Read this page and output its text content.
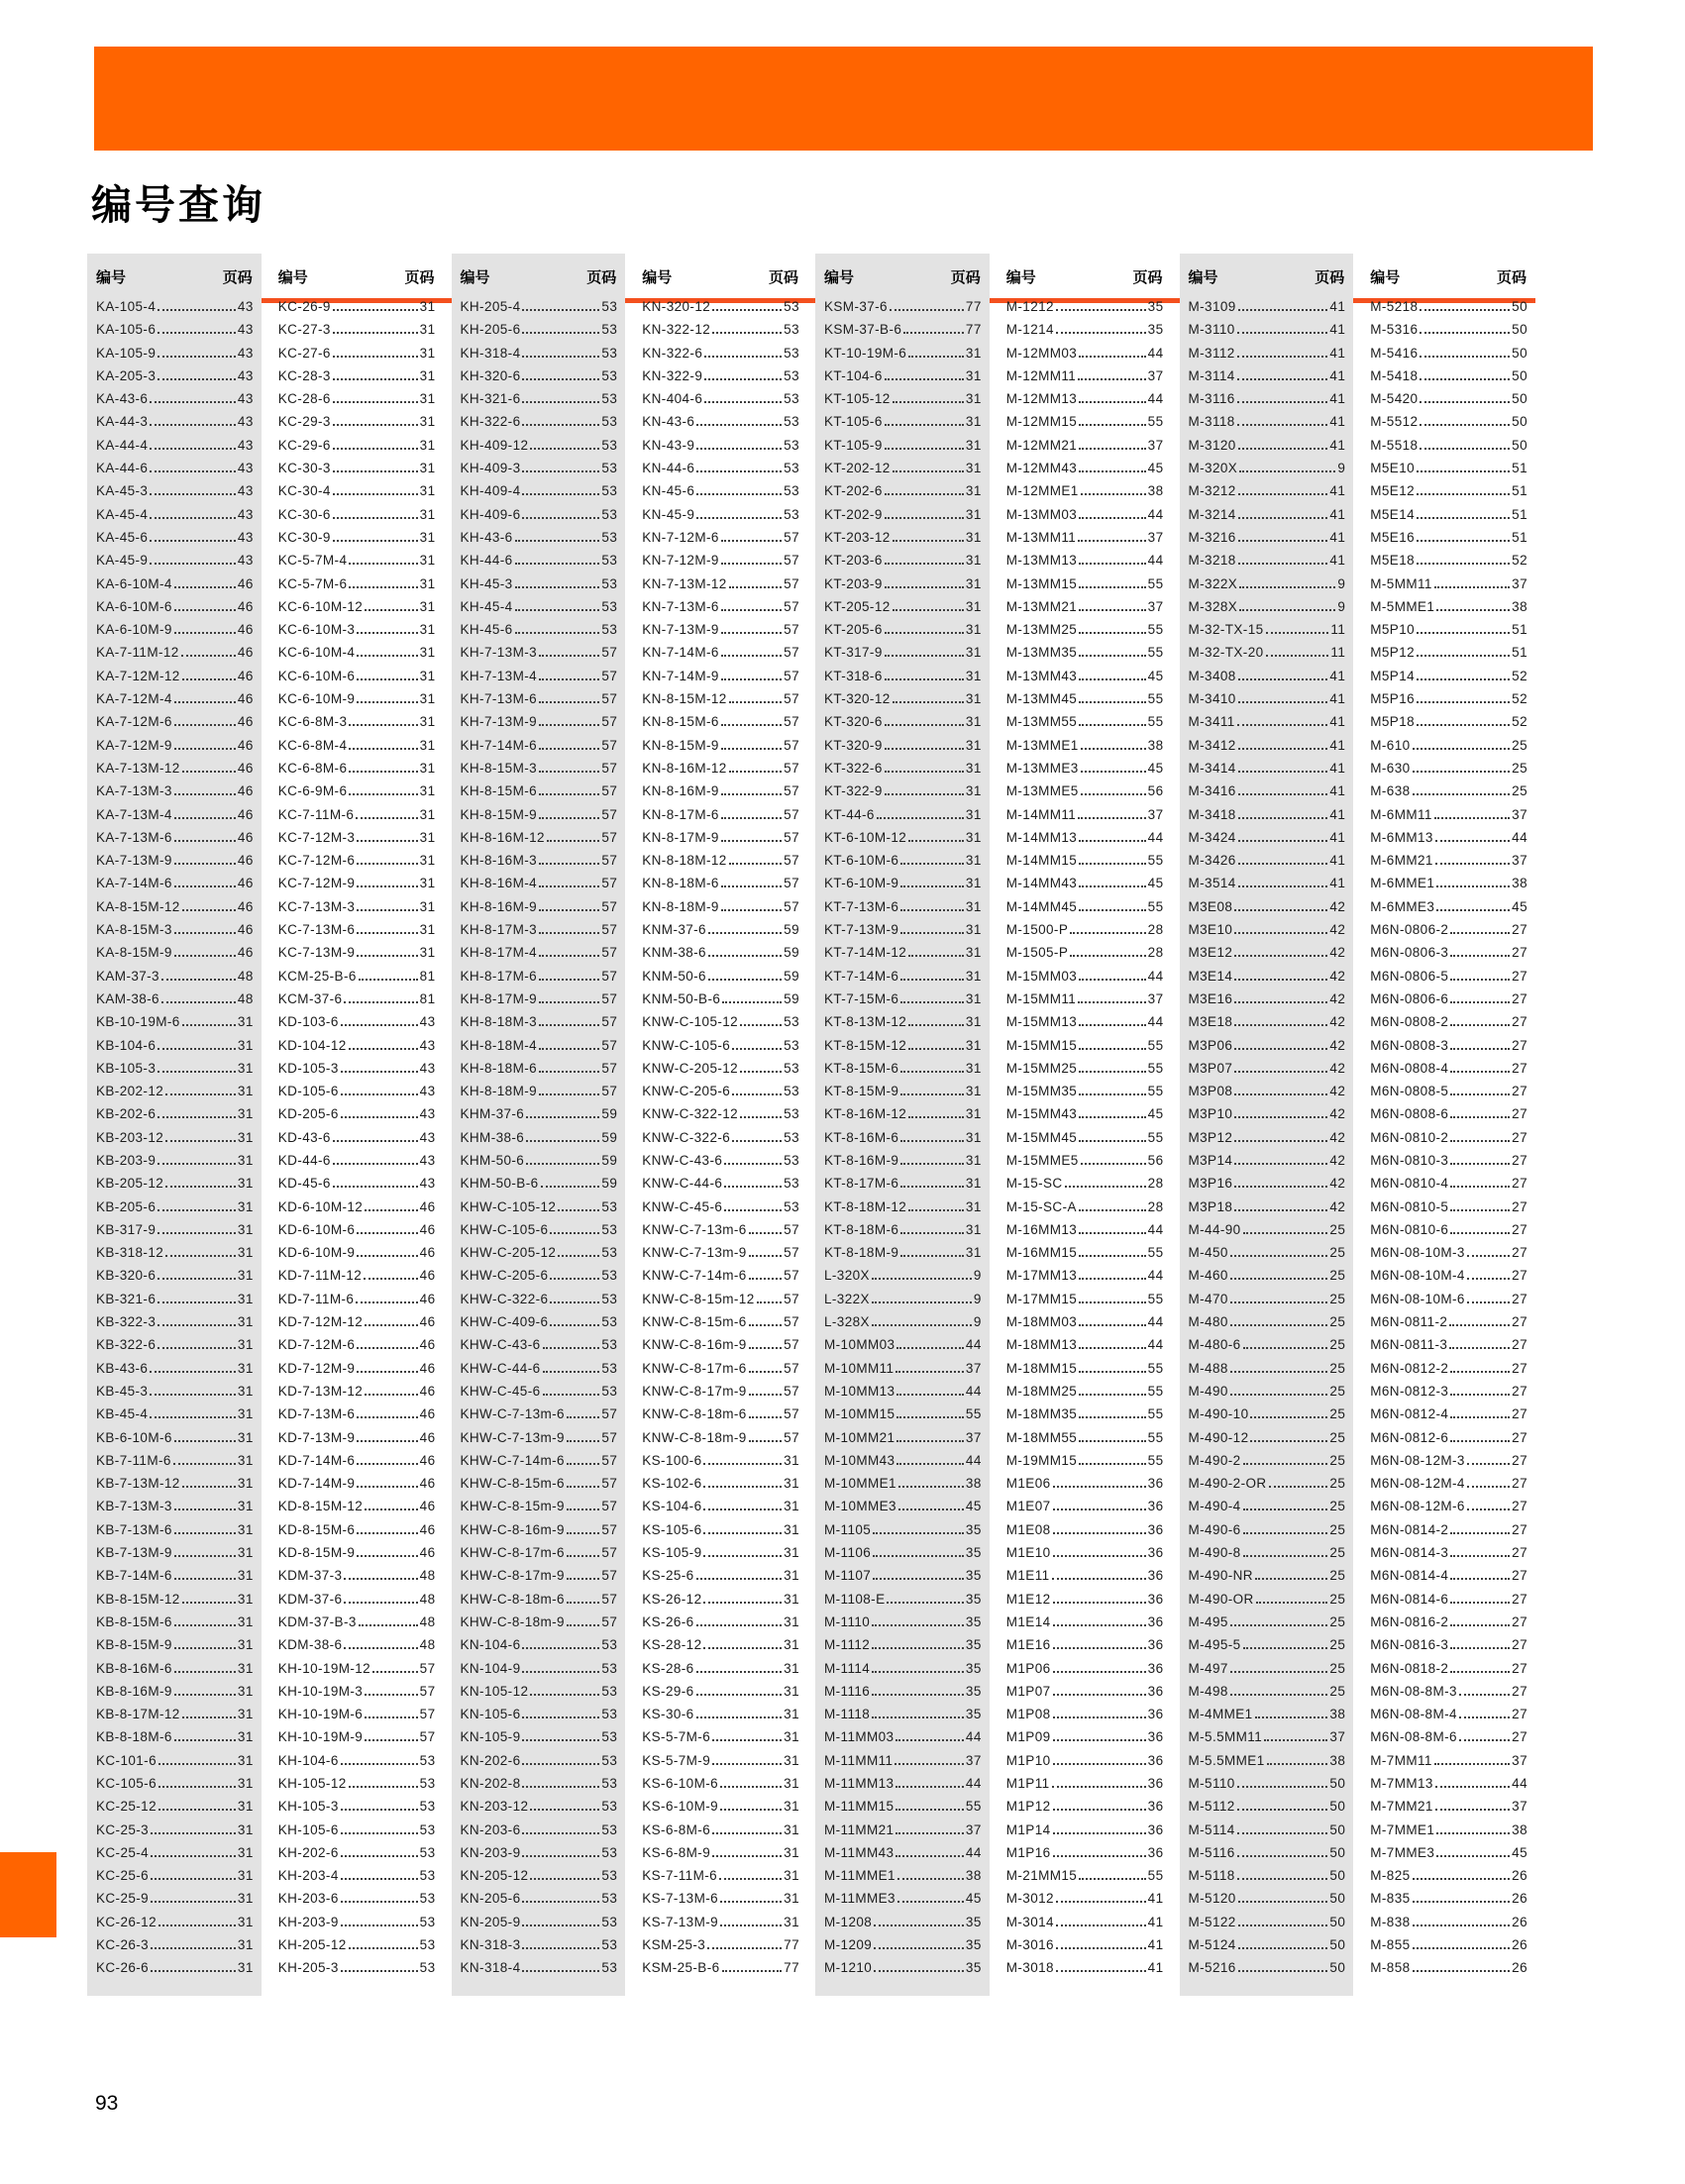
编号查询
编号	页码
KA-105-4	43
KA-105-6	43
KA-105-9	43
KA-205-3	43
KA-43-6	43
KA-44-3	43
KA-44-4	43
KA-44-6	43
KA-45-3	43
KA-45-4	43
KA-45-6	43
KA-45-9	43
KA-6-10M-4	46
KA-6-10M-6	46
KA-6-10M-9	46
KA-7-11M-12	46
KA-7-12M-12	46
KA-7-12M-4	46
KA-7-12M-6	46
KA-7-12M-9	46
KA-7-13M-12	46
KA-7-13M-3	46
KA-7-13M-4	46
KA-7-13M-6	46
KA-7-13M-9	46
KA-7-14M-6	46
KA-8-15M-12	46
KA-8-15M-3	46
KA-8-15M-9	46
KAM-37-3	48
KAM-38-6	48
KB-10-19M-6	31
KB-104-6	31
KB-105-3	31
KB-202-12	31
KB-202-6	31
KB-203-12	31
KB-203-9	31
KB-205-12	31
KB-205-6	31
KB-317-9	31
KB-318-12	31
KB-320-6	31
KB-321-6	31
KB-322-3	31
KB-322-6	31
KB-43-6	31
KB-45-3	31
KB-45-4	31
KB-6-10M-6	31
KB-7-11M-6	31
KB-7-13M-12	31
KB-7-13M-3	31
KB-7-13M-6	31
KB-7-13M-9	31
KB-7-14M-6	31
KB-8-15M-12	31
KB-8-15M-6	31
KB-8-15M-9	31
KB-8-16M-6	31
KB-8-16M-9	31
KB-8-17M-12	31
KB-8-18M-6	31
KC-101-6	31
KC-105-6	31
KC-25-12	31
KC-25-3	31
KC-25-4	31
KC-25-6	31
KC-25-9	31
KC-26-12	31
KC-26-3	31
KC-26-6	31
编号	页码
KC-26-9	31
KC-27-3	31
KC-27-6	31
KC-28-3	31
KC-28-6	31
KC-29-3	31
KC-29-6	31
KC-30-3	31
KC-30-4	31
KC-30-6	31
KC-30-9	31
KC-5-7M-4	31
KC-5-7M-6	31
KC-6-10M-12	31
KC-6-10M-3	31
KC-6-10M-4	31
KC-6-10M-6	31
KC-6-10M-9	31
KC-6-8M-3	31
KC-6-8M-4	31
KC-6-8M-6	31
KC-6-9M-6	31
KC-7-11M-6	31
KC-7-12M-3	31
KC-7-12M-6	31
KC-7-12M-9	31
KC-7-13M-3	31
KC-7-13M-6	31
KC-7-13M-9	31
KCM-25-B-6	81
KCM-37-6	81
KD-103-6	43
KD-104-12	43
KD-105-3	43
KD-105-6	43
KD-205-6	43
KD-43-6	43
KD-44-6	43
KD-45-6	43
KD-6-10M-12	46
KD-6-10M-6	46
KD-6-10M-9	46
KD-7-11M-12	46
KD-7-11M-6	46
KD-7-12M-12	46
KD-7-12M-6	46
KD-7-12M-9	46
KD-7-13M-12	46
KD-7-13M-6	46
KD-7-13M-9	46
KD-7-14M-6	46
KD-7-14M-9	46
KD-8-15M-12	46
KD-8-15M-6	46
KD-8-15M-9	46
KDM-37-3	48
KDM-37-6	48
KDM-37-B-3	48
KDM-38-6	48
KH-10-19M-12	57
KH-10-19M-3	57
KH-10-19M-6	57
KH-10-19M-9	57
KH-104-6	53
KH-105-12	53
KH-105-3	53
KH-105-6	53
KH-202-6	53
KH-203-4	53
KH-203-6	53
KH-203-9	53
KH-205-12	53
KH-205-3	53
编号	页码
KH-205-4	53
KH-205-6	53
KH-318-4	53
KH-320-6	53
KH-321-6	53
KH-322-6	53
KH-409-12	53
KH-409-3	53
KH-409-4	53
KH-409-6	53
KH-43-6	53
KH-44-6	53
KH-45-3	53
KH-45-4	53
KH-45-6	53
KH-7-13M-3	57
KH-7-13M-4	57
KH-7-13M-6	57
KH-7-13M-9	57
KH-7-14M-6	57
KH-8-15M-3	57
KH-8-15M-6	57
KH-8-15M-9	57
KH-8-16M-12	57
KH-8-16M-3	57
KH-8-16M-4	57
KH-8-16M-9	57
KH-8-17M-3	57
KH-8-17M-4	57
KH-8-17M-6	57
KH-8-17M-9	57
KH-8-18M-3	57
KH-8-18M-4	57
KH-8-18M-6	57
KH-8-18M-9	57
KHM-37-6	59
KHM-38-6	59
KHM-50-6	59
KHM-50-B-6	59
KHW-C-105-12	53
KHW-C-105-6	53
KHW-C-205-12	53
KHW-C-205-6	53
KHW-C-322-6	53
KHW-C-409-6	53
KHW-C-43-6	53
KHW-C-44-6	53
KHW-C-45-6	53
KHW-C-7-13m-6	57
KHW-C-7-13m-9	57
KHW-C-7-14m-6	57
KHW-C-8-15m-6	57
KHW-C-8-15m-9	57
KHW-C-8-16m-9	57
KHW-C-8-17m-6	57
KHW-C-8-17m-9	57
KHW-C-8-18m-6	57
KHW-C-8-18m-9	57
KN-104-6	53
KN-104-9	53
KN-105-12	53
KN-105-6	53
KN-105-9	53
KN-202-6	53
KN-202-8	53
KN-203-12	53
KN-203-6	53
KN-203-9	53
KN-205-12	53
KN-205-6	53
KN-205-9	53
KN-318-3	53
KN-318-4	53
编号	页码
KN-320-12	53
KN-322-12	53
KN-322-6	53
KN-322-9	53
KN-404-6	53
KN-43-6	53
KN-43-9	53
KN-44-6	53
KN-45-6	53
KN-45-9	53
KN-7-12M-6	57
KN-7-12M-9	57
KN-7-13M-12	57
KN-7-13M-6	57
KN-7-13M-9	57
KN-7-14M-6	57
KN-7-14M-9	57
KN-8-15M-12	57
KN-8-15M-6	57
KN-8-15M-9	57
KN-8-16M-12	57
KN-8-16M-9	57
KN-8-17M-6	57
KN-8-17M-9	57
KN-8-18M-12	57
KN-8-18M-6	57
KN-8-18M-9	57
KNM-37-6	59
KNM-38-6	59
KNM-50-6	59
KNM-50-B-6	59
KNW-C-105-12	53
KNW-C-105-6	53
KNW-C-205-12	53
KNW-C-205-6	53
KNW-C-322-12	53
KNW-C-322-6	53
KNW-C-43-6	53
KNW-C-44-6	53
KNW-C-45-6	53
KNW-C-7-13m-6	57
KNW-C-7-13m-9	57
KNW-C-7-14m-6	57
KNW-C-8-15m-12 57
KNW-C-8-15m-6	57
KNW-C-8-16m-9	57
KNW-C-8-17m-6	57
KNW-C-8-17m-9	57
KNW-C-8-18m-6	57
KNW-C-8-18m-9	57
KS-100-6	31
KS-102-6	31
KS-104-6	31
KS-105-6	31
KS-105-9	31
KS-25-6	31
KS-26-12	31
KS-26-6	31
KS-28-12	31
KS-28-6	31
KS-29-6	31
KS-30-6	31
KS-5-7M-6	31
KS-5-7M-9	31
KS-6-10M-6	31
KS-6-10M-9	31
KS-6-8M-6	31
KS-6-8M-9	31
KS-7-11M-6	31
KS-7-13M-6	31
KS-7-13M-9	31
KSM-25-3	77
KSM-25-B-6	77
编号	页码
KSM-37-6	77
KSM-37-B-6	77
KT-10-19M-6	31
KT-104-6	31
KT-105-12	31
KT-105-6	31
KT-105-9	31
KT-202-12	31
KT-202-6	31
KT-202-9	31
KT-203-12	31
KT-203-6	31
KT-203-9	31
KT-205-12	31
KT-205-6	31
KT-317-9	31
KT-318-6	31
KT-320-12	31
KT-320-6	31
KT-320-9	31
KT-322-6	31
KT-322-9	31
KT-44-6	31
KT-6-10M-12	31
KT-6-10M-6	31
KT-6-10M-9	31
KT-7-13M-6	31
KT-7-13M-9	31
KT-7-14M-12	31
KT-7-14M-6	31
KT-7-15M-6	31
KT-8-13M-12	31
KT-8-15M-12	31
KT-8-15M-6	31
KT-8-15M-9	31
KT-8-16M-12	31
KT-8-16M-6	31
KT-8-16M-9	31
KT-8-17M-6	31
KT-8-18M-12	31
KT-8-18M-6	31
KT-8-18M-9	31
L-320X	9
L-322X	9
L-328X	9
M-10MM03	44
M-10MM11	37
M-10MM13	44
M-10MM15	55
M-10MM21	37
M-10MM43	44
M-10MME1	38
M-10MME3	45
M-1105	35
M-1106	35
M-1107	35
M-1108-E	35
M-1110	35
M-1112	35
M-1114	35
M-1116	35
M-1118	35
M-11MM03	44
M-11MM11	37
M-11MM13	44
M-11MM15	55
M-11MM21	37
M-11MM43	44
M-11MME1	38
M-11MME3	45
M-1208	35
M-1209	35
M-1210	35
编号	页码
M-1212	35
M-1214	35
M-12MM03	44
M-12MM11	37
M-12MM13	44
M-12MM15	55
M-12MM21	37
M-12MM43	45
M-12MME1	38
M-13MM03	44
M-13MM11	37
M-13MM13	44
M-13MM15	55
M-13MM21	37
M-13MM25	55
M-13MM35	55
M-13MM43	45
M-13MM45	55
M-13MM55	55
M-13MME1	38
M-13MME3	45
M-13MME5	56
M-14MM11	37
M-14MM13	44
M-14MM15	55
M-14MM43	45
M-14MM45	55
M-1500-P	28
M-1505-P	28
M-15MM03	44
M-15MM11	37
M-15MM13	44
M-15MM15	55
M-15MM25	55
M-15MM35	55
M-15MM43	45
M-15MM45	55
M-15MME5	56
M-15-SC	28
M-15-SC-A	28
M-16MM13	44
M-16MM15	55
M-17MM13	44
M-17MM15	55
M-18MM03	44
M-18MM13	44
M-18MM15	55
M-18MM25	55
M-18MM35	55
M-18MM55	55
M-19MM15	55
M1E06	36
M1E07	36
M1E08	36
M1E10	36
M1E11	36
M1E12	36
M1E14	36
M1E16	36
M1P06	36
M1P07	36
M1P08	36
M1P09	36
M1P10	36
M1P11	36
M1P12	36
M1P14	36
M1P16	36
M-21MM15	55
M-3012	41
M-3014	41
M-3016	41
M-3018	41
编号	页码
M-3109	41
M-3110	41
M-3112	41
M-3114	41
M-3116	41
M-3118	41
M-3120	41
M-320X	9
M-3212	41
M-3214	41
M-3216	41
M-3218	41
M-322X	9
M-328X	9
M-32-TX-15	11
M-32-TX-20	11
M-3408	41
M-3410	41
M-3411	41
M-3412	41
M-3414	41
M-3416	41
M-3418	41
M-3424	41
M-3426	41
M-3514	41
M3E08	42
M3E10	42
M3E12	42
M3E14	42
M3E16	42
M3E18	42
M3P06	42
M3P07	42
M3P08	42
M3P10	42
M3P12	42
M3P14	42
M3P16	42
M3P18	42
M-44-90	25
M-450	25
M-460	25
M-470	25
M-480	25
M-480-6	25
M-488	25
M-490	25
M-490-10	25
M-490-12	25
M-490-2	25
M-490-2-OR	25
M-490-4	25
M-490-6	25
M-490-8	25
M-490-NR	25
M-490-OR	25
M-495	25
M-495-5	25
M-497	25
M-498	25
M-4MME1	38
M-5.5MM11	37
M-5.5MME1	38
M-5110	50
M-5112	50
M-5114	50
M-5116	50
M-5118	50
M-5120	50
M-5122	50
M-5124	50
M-5216	50
编号	页码
M-5218	50
M-5316	50
M-5416	50
M-5418	50
M-5420	50
M-5512	50
M-5518	50
M5E10	51
M5E12	51
M5E14	51
M5E16	51
M5E18	52
M-5MM11	37
M-5MME1	38
M5P10	51
M5P12	51
M5P14	52
M5P16	52
M5P18	52
M-610	25
M-630	25
M-638	25
M-6MM11	37
M-6MM13	44
M-6MM21	37
M-6MME1	38
M-6MME3	45
M6N-0806-2	27
M6N-0806-3	27
M6N-0806-5	27
M6N-0806-6	27
M6N-0808-2	27
M6N-0808-3	27
M6N-0808-4	27
M6N-0808-5	27
M6N-0808-6	27
M6N-0810-2	27
M6N-0810-3	27
M6N-0810-4	27
M6N-0810-5	27
M6N-0810-6	27
M6N-08-10M-3	27
M6N-08-10M-4	27
M6N-08-10M-6	27
M6N-0811-2	27
M6N-0811-3	27
M6N-0812-2	27
M6N-0812-3	27
M6N-0812-4	27
M6N-0812-6	27
M6N-08-12M-3	27
M6N-08-12M-4	27
M6N-08-12M-6	27
M6N-0814-2	27
M6N-0814-3	27
M6N-0814-4	27
M6N-0814-6	27
M6N-0816-2	27
M6N-0816-3	27
M6N-0818-2	27
M6N-08-8M-3	27
M6N-08-8M-4	27
M6N-08-8M-6	27
M-7MM11	37
M-7MM13	44
M-7MM21	37
M-7MME1	38
M-7MME3	45
M-825	26
M-835	26
M-838	26
M-855	26
M-858	26
93
